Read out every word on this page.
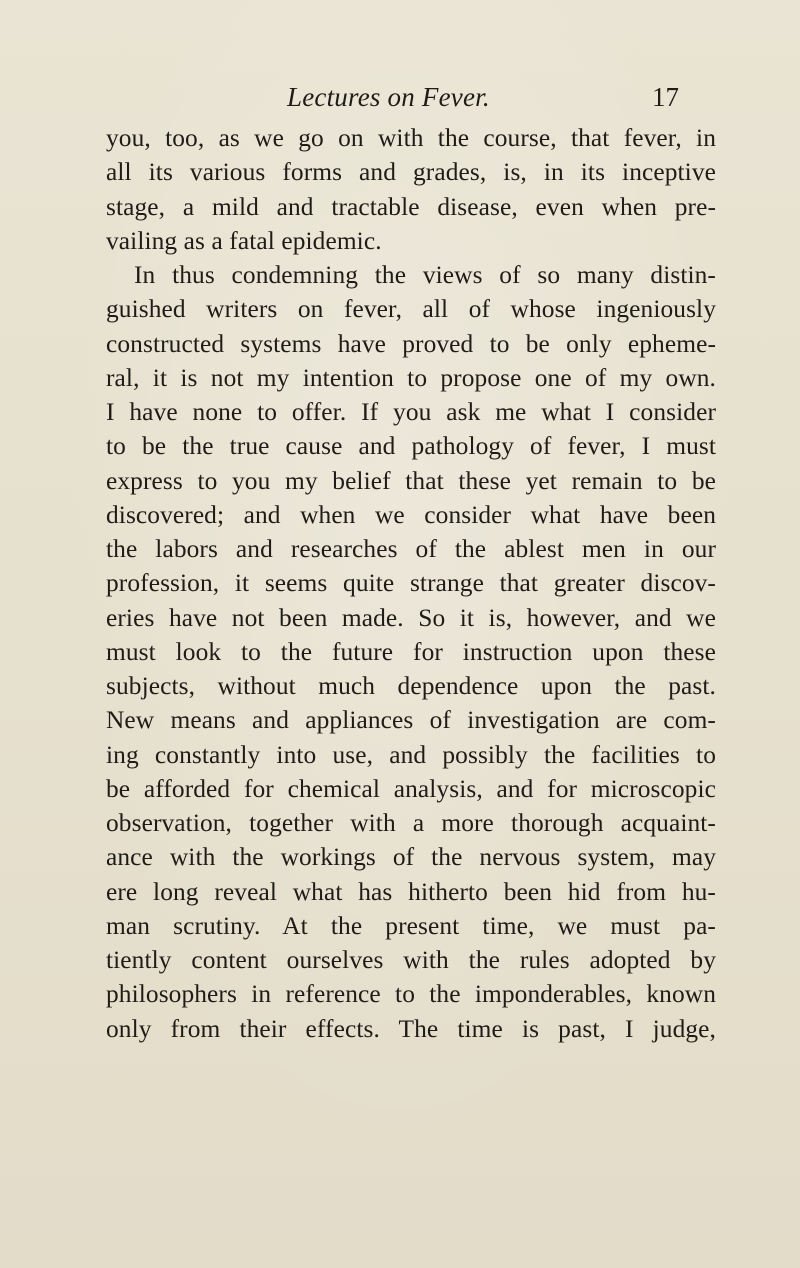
Lectures on Fever.	17
you, too, as we go on with the course, that fever, in
all its various forms and grades, is, in its inceptive
stage, a mild and tractable disease, even when pre-
vailing as a fatal epidemic.
In thus condemning the views of so many distin-
guished writers on fever, all of whose ingeniously
constructed systems have proved to be only epheme-
ral, it is not my intention to propose one of my own.
I have none to offer. If you ask me what I consider
to be the true cause and pathology of fever, I must
express to you my belief that these yet remain to be
discovered; and when we consider what have been
the labors and researches of the ablest men in our
profession, it seems quite strange that greater discov-
eries have not been made. So it is, however, and we
must look to the future for instruction upon these
subjects, without much dependence upon the past.
New means and appliances of investigation are com-
ing constantly into use, and possibly the facilities to
be afforded for chemical analysis, and for microscopic
observation, together with a more thorough acquaint-
ance with the workings of the nervous system, may
ere long reveal what has hitherto been hid from hu-
man scrutiny. At the present time, we must pa-
tiently content ourselves with the rules adopted by
philosophers in reference to the imponderables, known
only from their effects. The time is past, I judge,
